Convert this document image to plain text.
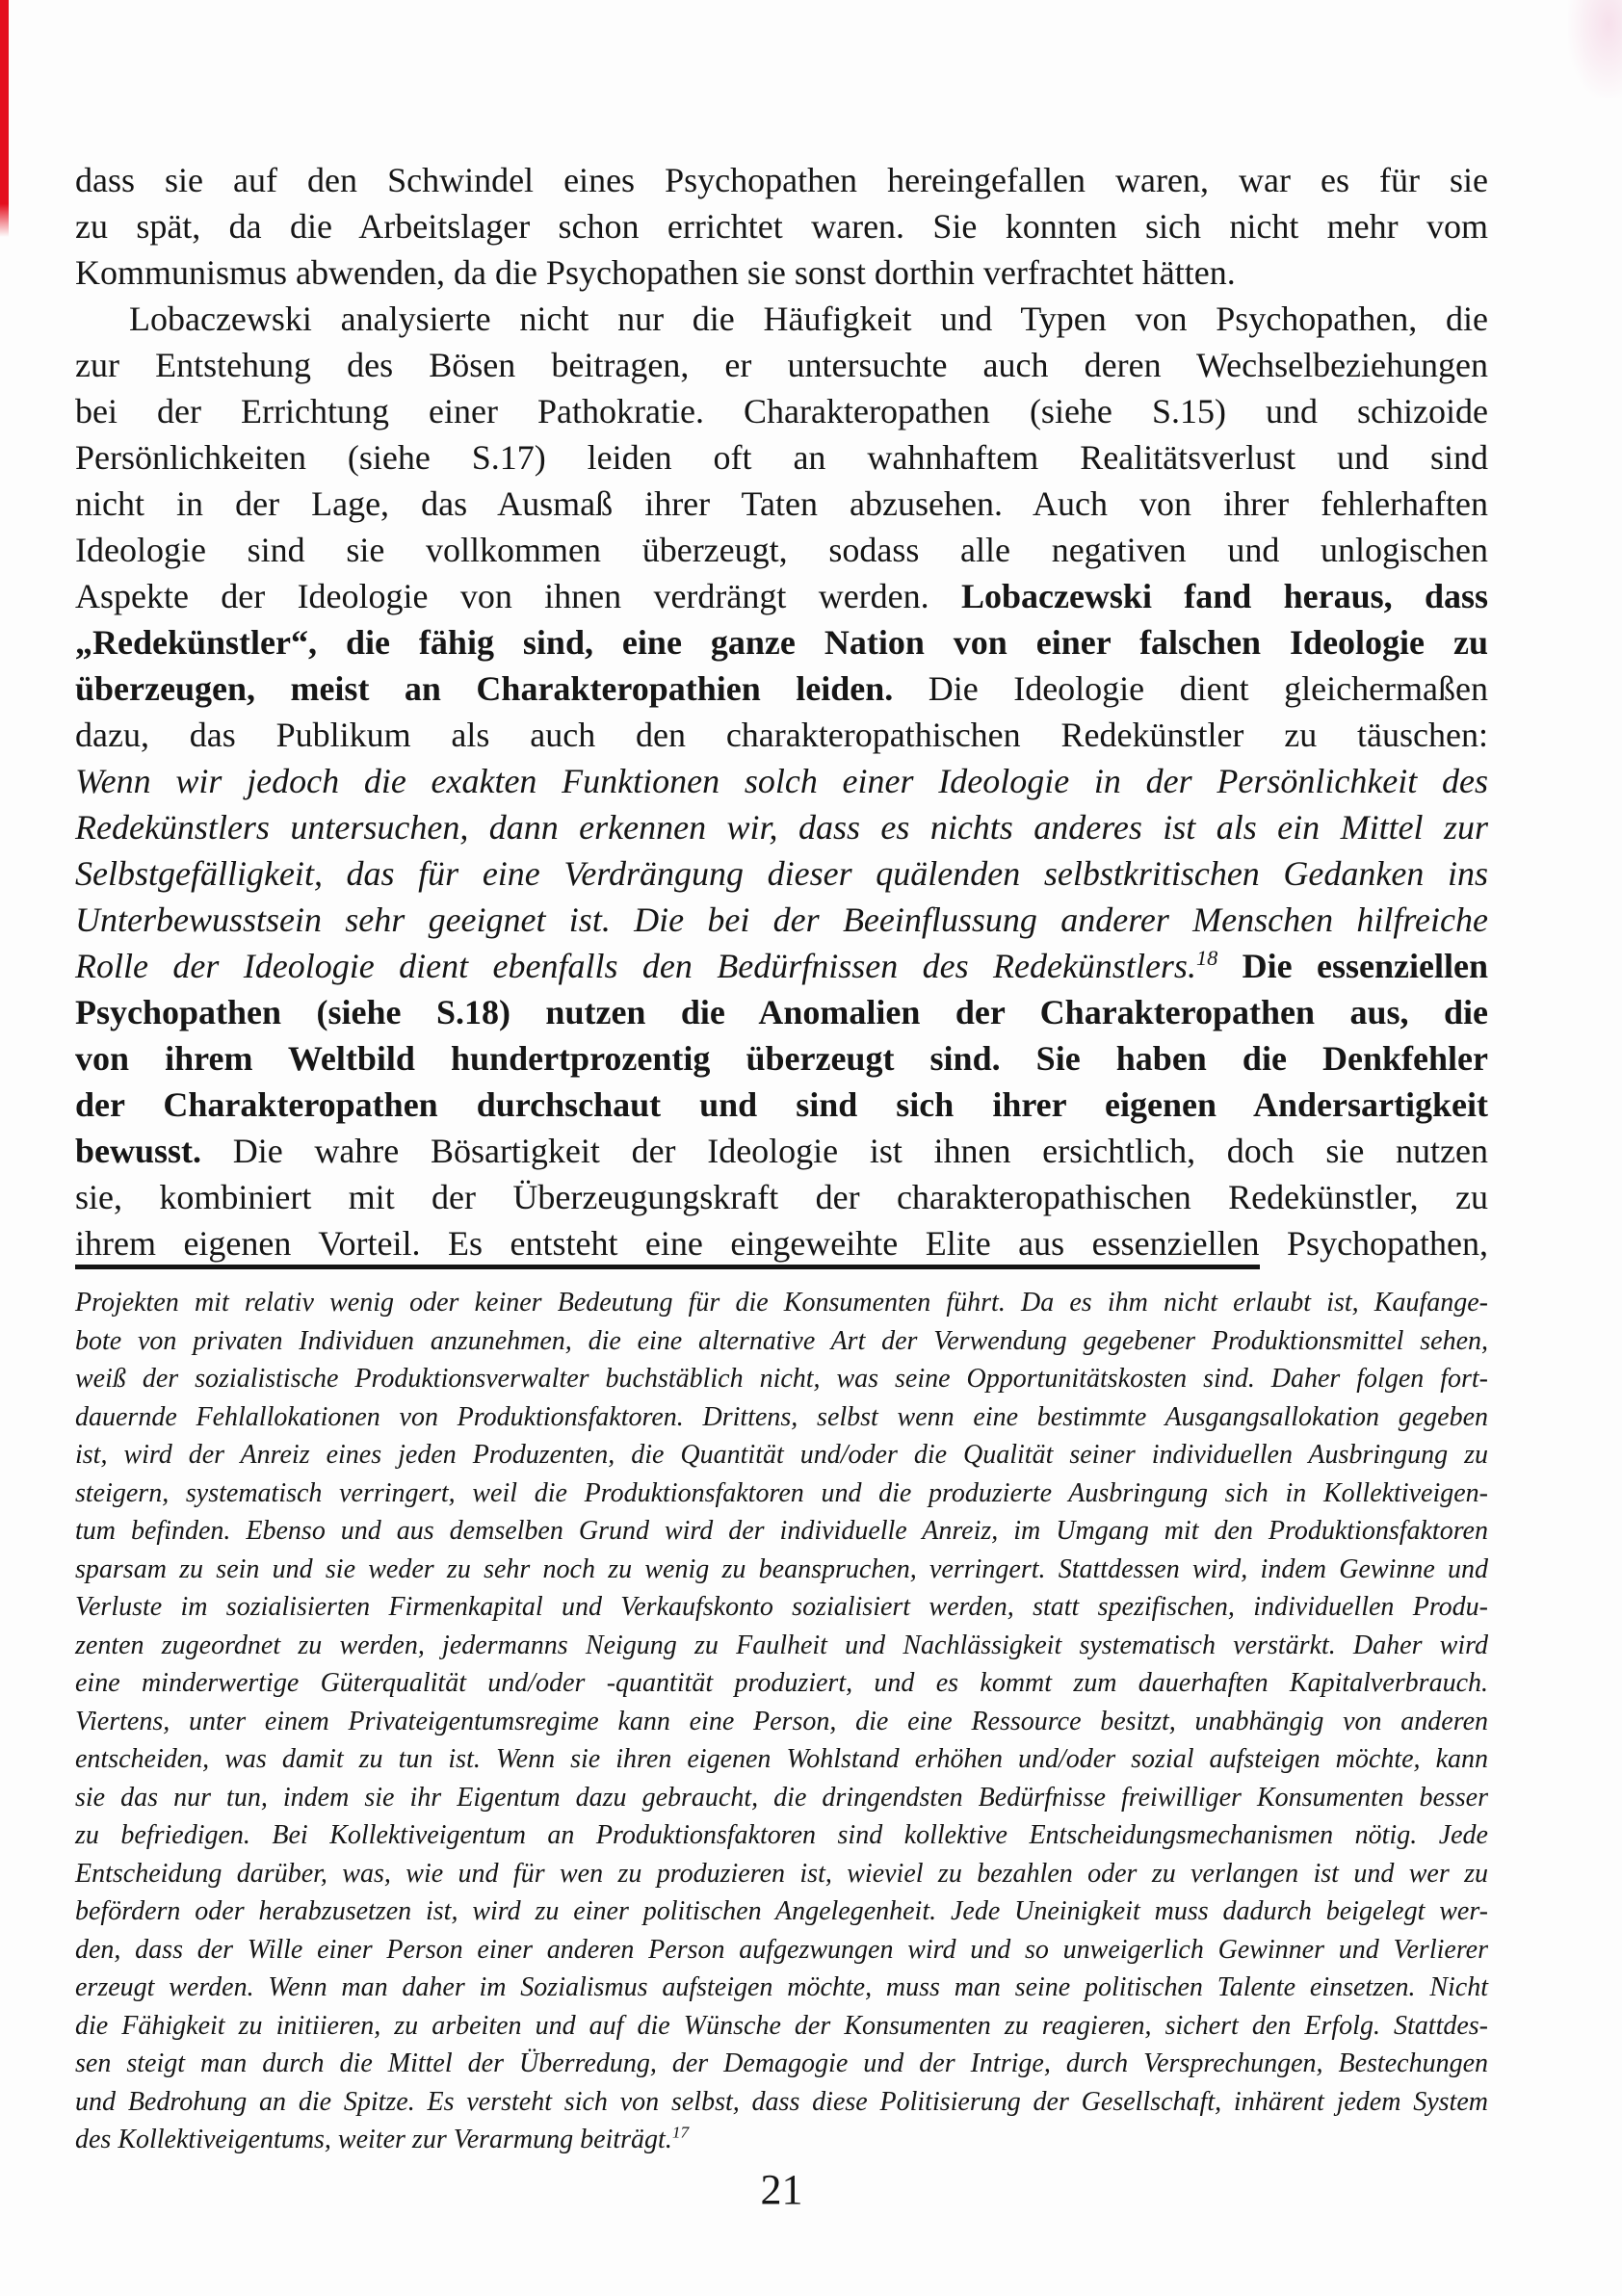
dass sie auf den Schwindel eines Psychopathen hereingefallen waren, war es für sie
zu spät, da die Arbeitslager schon errichtet waren. Sie konnten sich nicht mehr vom
Kommunismus abwenden, da die Psychopathen sie sonst dorthin verfrachtet hätten.
Lobaczewski analysierte nicht nur die Häufigkeit und Typen von Psychopathen, die
zur Entstehung des Bösen beitragen, er untersuchte auch deren Wechselbeziehungen
bei der Errichtung einer Pathokratie. Charakteropathen (siehe S.15) und schizoide
Persönlichkeiten (siehe S.17) leiden oft an wahnhaftem Realitätsverlust und sind
nicht in der Lage, das Ausmaß ihrer Taten abzusehen. Auch von ihrer fehlerhaften
Ideologie sind sie vollkommen überzeugt, sodass alle negativen und unlogischen
Aspekte der Ideologie von ihnen verdrängt werden. Lobaczewski fand heraus, dass
„Redekünstler“, die fähig sind, eine ganze Nation von einer falschen Ideologie zu
überzeugen, meist an Charakteropathien leiden. Die Ideologie dient gleichermaßen
dazu, das Publikum als auch den charakteropathischen Redekünstler zu täuschen:
Wenn wir jedoch die exakten Funktionen solch einer Ideologie in der Persönlichkeit des
Redekünstlers untersuchen, dann erkennen wir, dass es nichts anderes ist als ein Mittel zur
Selbstgefälligkeit, das für eine Verdrängung dieser quälenden selbstkritischen Gedanken ins
Unterbewusstsein sehr geeignet ist. Die bei der Beeinflussung anderer Menschen hilfreiche
Rolle der Ideologie dient ebenfalls den Bedürfnissen des Redekünstlers.$^{18}$ Die essenziellen
Psychopathen (siehe S.18) nutzen die Anomalien der Charakteropathen aus, die
von ihrem Weltbild hundertprozentig überzeugt sind. Sie haben die Denkfehler
der Charakteropathen durchschaut und sind sich ihrer eigenen Andersartigkeit
bewusst. Die wahre Bösartigkeit der Ideologie ist ihnen ersichtlich, doch sie nutzen
sie, kombiniert mit der Überzeugungskraft der charakteropathischen Redekünstler, zu
ihrem eigenen Vorteil. Es entsteht eine eingeweihte Elite aus essenziellen Psychopathen,
Projekten mit relativ wenig oder keiner Bedeutung für die Konsumenten führt. Da es ihm nicht erlaubt ist, Kaufange-
bote von privaten Individuen anzunehmen, die eine alternative Art der Verwendung gegebener Produktionsmittel sehen,
weiß der sozialistische Produktionsverwalter buchstäblich nicht, was seine Opportunitätskosten sind. Daher folgen fort-
dauernde Fehlallokationen von Produktionsfaktoren. Drittens, selbst wenn eine bestimmte Ausgangsallokation gegeben
ist, wird der Anreiz eines jeden Produzenten, die Quantität und/oder die Qualität seiner individuellen Ausbringung zu
steigern, systematisch verringert, weil die Produktionsfaktoren und die produzierte Ausbringung sich in Kollektiveigen-
tum befinden. Ebenso und aus demselben Grund wird der individuelle Anreiz, im Umgang mit den Produktionsfaktoren
sparsam zu sein und sie weder zu sehr noch zu wenig zu beanspruchen, verringert. Stattdessen wird, indem Gewinne und
Verluste im sozialisierten Firmenkapital und Verkaufskonto sozialisiert werden, statt spezifischen, individuellen Produ-
zenten zugeordnet zu werden, jedermanns Neigung zu Faulheit und Nachlässigkeit systematisch verstärkt. Daher wird
eine minderwertige Güterqualität und/oder -quantität produziert, und es kommt zum dauerhaften Kapitalverbrauch.
Viertens, unter einem Privateigentumsregime kann eine Person, die eine Ressource besitzt, unabhängig von anderen
entscheiden, was damit zu tun ist. Wenn sie ihren eigenen Wohlstand erhöhen und/oder sozial aufsteigen möchte, kann
sie das nur tun, indem sie ihr Eigentum dazu gebraucht, die dringendsten Bedürfnisse freiwilliger Konsumenten besser
zu befriedigen. Bei Kollektiveigentum an Produktionsfaktoren sind kollektive Entscheidungsmechanismen nötig. Jede
Entscheidung darüber, was, wie und für wen zu produzieren ist, wieviel zu bezahlen oder zu verlangen ist und wer zu
befördern oder herabzusetzen ist, wird zu einer politischen Angelegenheit. Jede Uneinigkeit muss dadurch beigelegt wer-
den, dass der Wille einer Person einer anderen Person aufgezwungen wird und so unweigerlich Gewinner und Verlierer
erzeugt werden. Wenn man daher im Sozialismus aufsteigen möchte, muss man seine politischen Talente einsetzen. Nicht
die Fähigkeit zu initiieren, zu arbeiten und auf die Wünsche der Konsumenten zu reagieren, sichert den Erfolg. Stattdes-
sen steigt man durch die Mittel der Überredung, der Demagogie und der Intrige, durch Versprechungen, Bestechungen
und Bedrohung an die Spitze. Es versteht sich von selbst, dass diese Politisierung der Gesellschaft, inhärent jedem System
des Kollektiveigentums, weiter zur Verarmung beiträgt.$^{17}$
21
